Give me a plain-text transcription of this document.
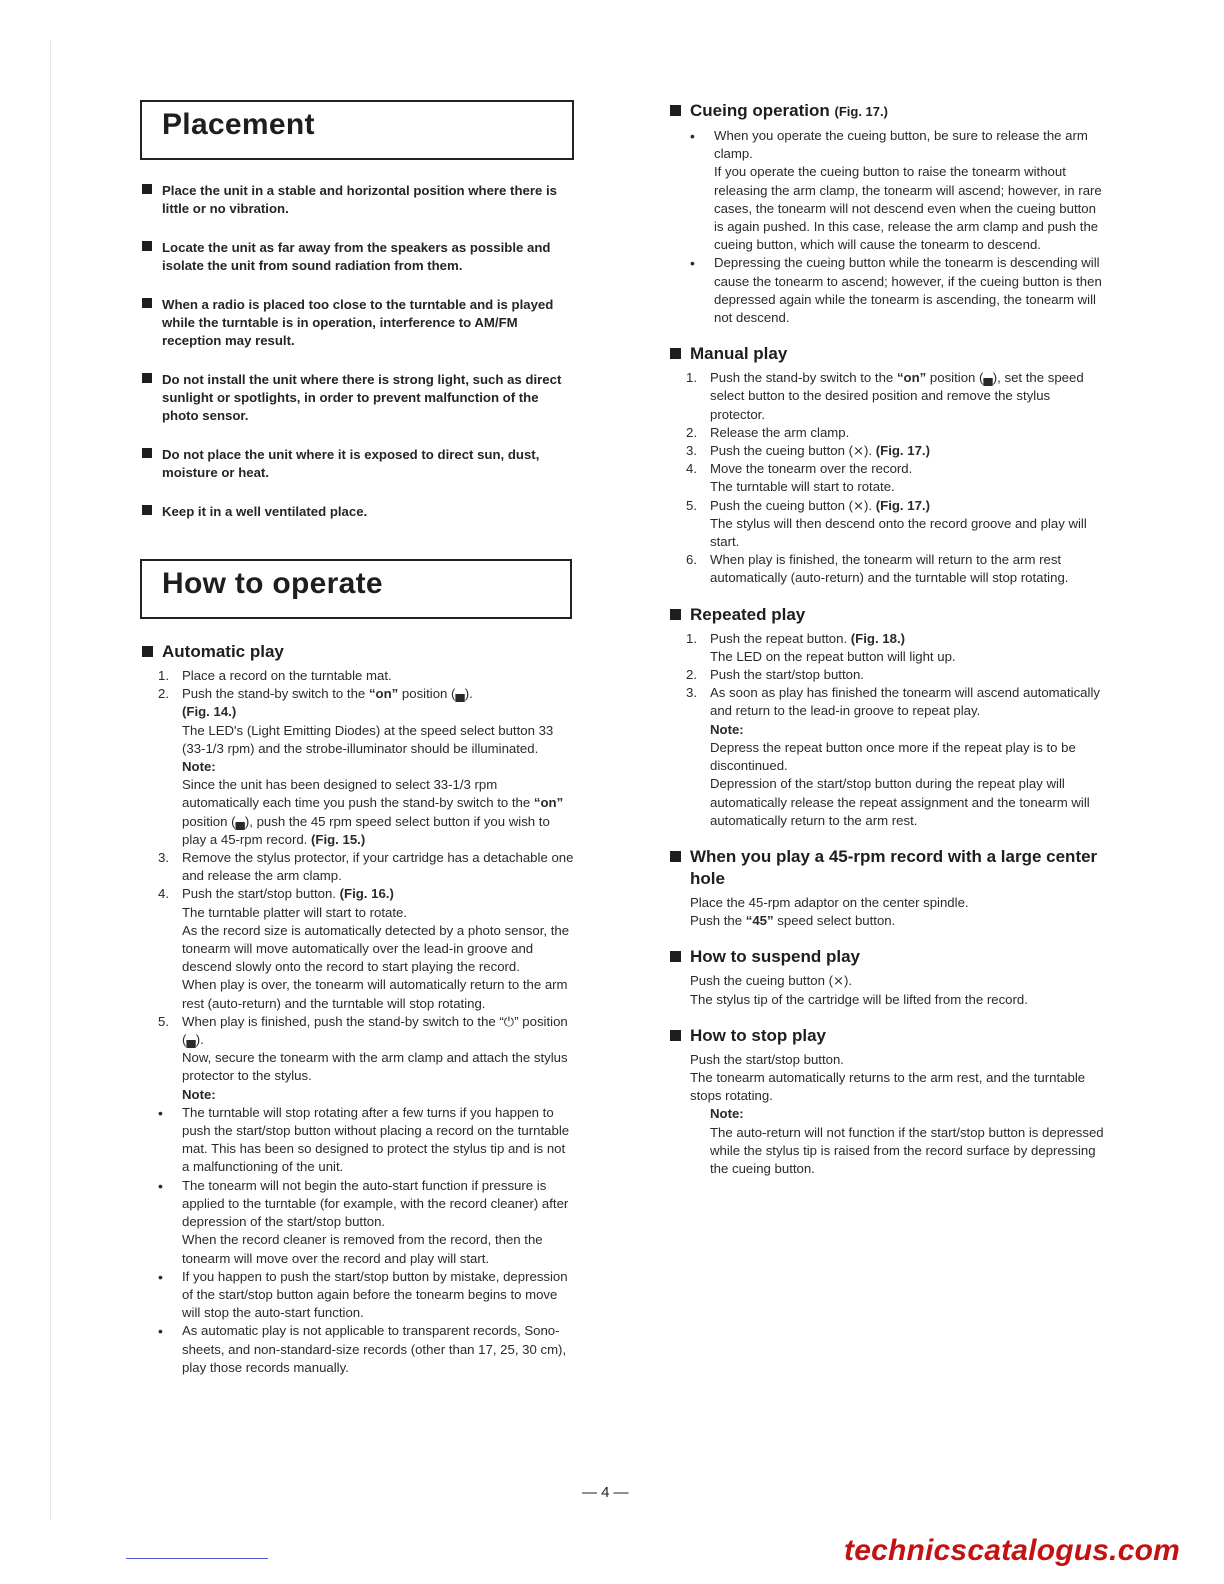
Placement
Place the unit in a stable and horizontal position where there is little or no vibration.
Locate the unit as far away from the speakers as possible and isolate the unit from sound radiation from them.
When a radio is placed too close to the turntable and is played while the turntable is in operation, interference to AM/FM reception may result.
Do not install the unit where there is strong light, such as direct sunlight or spotlights, in order to prevent malfunction of the photo sensor.
Do not place the unit where it is exposed to direct sun, dust, moisture or heat.
Keep it in a well ventilated place.
How to operate
Automatic play
1. Place a record on the turntable mat.

2. Push the stand-by switch to the “on” position (▄).
(Fig. 14.)

The LED's (Light Emitting Diodes) at the speed select button 33 (33-1/3 rpm) and the strobe-illuminator should be illuminated.

Note:

Since the unit has been designed to select 33-1/3 rpm automatically each time you push the stand-by switch to the “on” position (▄), push the 45 rpm speed select button if you wish to play a 45-rpm record. (Fig. 15.)

3. Remove the stylus protector, if your cartridge has a detachable one and release the arm clamp.

4. Push the start/stop button. (Fig. 16.)

The turntable platter will start to rotate.

As the record size is automatically detected by a photo sensor, the tonearm will move automatically over the lead-in groove and descend slowly onto the record to start playing the record.

When play is over, the tonearm will automatically return to the arm rest (auto-return) and the turntable will stop rotating.

5. When play is finished, push the stand-by switch to the “⏻” position (▄).

Now, secure the tonearm with the arm clamp and attach the stylus protector to the stylus.

Note:

• The turntable will stop rotating after a few turns if you happen to push the start/stop button without placing a record on the turntable mat. This has been so designed to protect the stylus tip and is not a malfunctioning of the unit.

• The tonearm will not begin the auto-start function if pressure is applied to the turntable (for example, with the record cleaner) after depression of the start/stop button.

When the record cleaner is removed from the record, then the tonearm will move over the record and play will start.

• If you happen to push the start/stop button by mistake, depression of the start/stop button again before the tonearm begins to move will stop the auto-start function.

• As automatic play is not applicable to transparent records, Sono-sheets, and non-standard-size records (other than 17, 25, 30 cm), play those records manually.

Cueing operation (Fig. 17.)
•	When you operate the cueing button, be sure to release the arm clamp.

If you operate the cueing button to raise the tonearm without releasing the arm clamp, the tonearm will ascend; however, in rare cases, the tonearm will not descend even when the cueing button is again pushed. In this case, release the arm clamp and push the cueing button, which will cause the tonearm to descend.

•	Depressing the cueing button while the tonearm is descending will cause the tonearm to ascend; however, if the cueing button is then depressed again while the tonearm is ascending, the tonearm will not descend.

Manual play
1. Push the stand-by switch to the “on” position (▄), set the speed select button to the desired position and remove the stylus protector.

2. Release the arm clamp.

3. Push the cueing button (⨯). (Fig. 17.)

4. Move the tonearm over the record.

The turntable will start to rotate.

5. Push the cueing button (⨯). (Fig. 17.)

The stylus will then descend onto the record groove and play will start.

6. When play is finished, the tonearm will return to the arm rest automatically (auto-return) and the turntable will stop rotating.

Repeated play
1. Push the repeat button. (Fig. 18.)

The LED on the repeat button will light up.

2. Push the start/stop button.

3. As soon as play has finished the tonearm will ascend automatically and return to the lead-in groove to repeat play.

Note:

Depress the repeat button once more if the repeat play is to be discontinued.

Depression of the start/stop button during the repeat play will automatically release the repeat assignment and the tonearm will automatically return to the arm rest.

When you play a 45-rpm record with a large center hole

Place the 45-rpm adaptor on the center spindle.

Push the “45” speed select button.

How to suspend play

Push the cueing button (⨯).

The stylus tip of the cartridge will be lifted from the record.

How to stop play

Push the start/stop button.

The tonearm automatically returns to the arm rest, and the turntable stops rotating.

Note:

The auto-return will not function if the start/stop button is depressed while the stylus tip is raised from the record surface by depressing the cueing button.

— 4 —
technicscatalogus.com
